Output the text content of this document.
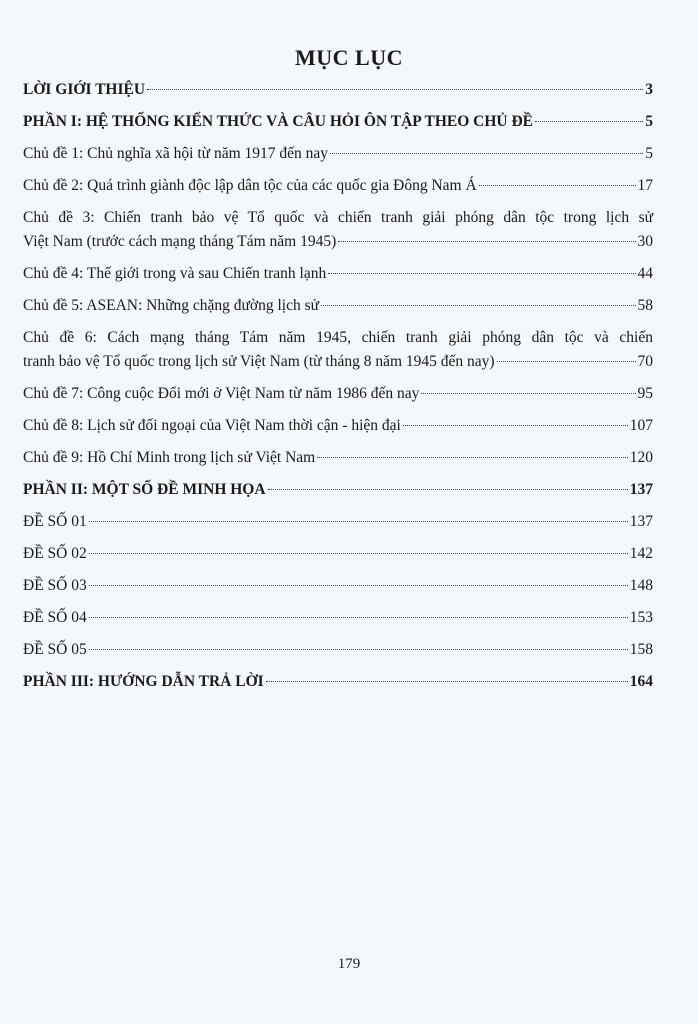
MỤC LỤC
LỜI GIỚI THIỆU	3
PHẦN I: HỆ THỐNG KIẾN THỨC VÀ CÂU HỎI ÔN TẬP THEO CHỦ ĐỀ	5
Chủ đề 1: Chủ nghĩa xã hội từ năm 1917 đến nay	5
Chủ đề 2: Quá trình giành độc lập dân tộc của các quốc gia Đông Nam Á	17
Chủ đề 3: Chiến tranh bảo vệ Tổ quốc và chiến tranh giải phóng dân tộc trong lịch sử
Việt Nam (trước cách mạng tháng Tám năm 1945)	30
Chủ đề 4: Thế giới trong và sau Chiến tranh lạnh	44
Chủ đề 5: ASEAN: Những chặng đường lịch sử	58
Chủ đề 6: Cách mạng tháng Tám năm 1945, chiến tranh giải phóng dân tộc và chiến
tranh bảo vệ Tổ quốc trong lịch sử Việt Nam (từ tháng 8 năm 1945 đến nay)	70
Chủ đề 7: Công cuộc Đổi mới ở Việt Nam từ năm 1986 đến nay	95
Chủ đề 8: Lịch sử đối ngoại của Việt Nam thời cận - hiện đại	107
Chủ đề 9: Hồ Chí Minh trong lịch sử Việt Nam	120
PHẦN II: MỘT SỐ ĐỀ MINH HỌA	137
ĐỀ SỐ 01	137
ĐỀ SỐ 02	142
ĐỀ SỐ 03	148
ĐỀ SỐ 04	153
ĐỀ SỐ 05	158
PHẦN III: HƯỚNG DẪN TRẢ LỜI	164
179
